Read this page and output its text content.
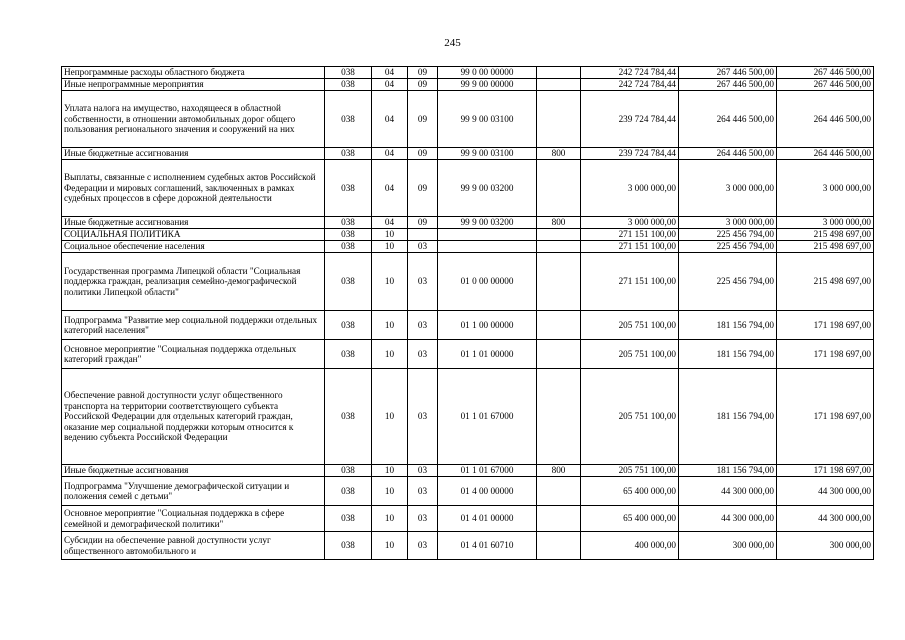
245
Непрограммные расходы областного бюджета	038	04	09	99 0 00 00000		242 724 784,44	267 446 500,00	267 446 500,00
Иные непрограммные мероприятия	038	04	09	99 9 00 00000		242 724 784,44	267 446 500,00	267 446 500,00
Уплата налога на имущество, находящееся в областной собственности, в отношении автомобильных дорог общего пользования регионального значения и сооружений на них	038	04	09	99 9 00 03100		239 724 784,44	264 446 500,00	264 446 500,00
Иные бюджетные ассигнования	038	04	09	99 9 00 03100	800	239 724 784,44	264 446 500,00	264 446 500,00
Выплаты, связанные с исполнением судебных актов Российской Федерации и мировых соглашений, заключенных в рамках судебных процессов в сфере дорожной деятельности	038	04	09	99 9 00 03200		3 000 000,00	3 000 000,00	3 000 000,00
Иные бюджетные ассигнования	038	04	09	99 9 00 03200	800	3 000 000,00	3 000 000,00	3 000 000,00
СОЦИАЛЬНАЯ ПОЛИТИКА	038	10				271 151 100,00	225 456 794,00	215 498 697,00
Социальное обеспечение населения	038	10	03			271 151 100,00	225 456 794,00	215 498 697,00
Государственная программа Липецкой области "Социальная поддержка граждан, реализация семейно-демографической политики Липецкой области"	038	10	03	01 0 00 00000		271 151 100,00	225 456 794,00	215 498 697,00
Подпрограмма "Развитие мер социальной поддержки отдельных категорий населения"	038	10	03	01 1 00 00000		205 751 100,00	181 156 794,00	171 198 697,00
Основное мероприятие "Социальная поддержка отдельных категорий граждан"	038	10	03	01 1 01 00000		205 751 100,00	181 156 794,00	171 198 697,00
Обеспечение равной доступности услуг общественного транспорта на территории соответствующего субъекта Российской Федерации для отдельных категорий граждан, оказание мер социальной поддержки которым относится к ведению субъекта Российской Федерации	038	10	03	01 1 01 67000		205 751 100,00	181 156 794,00	171 198 697,00
Иные бюджетные ассигнования	038	10	03	01 1 01 67000	800	205 751 100,00	181 156 794,00	171 198 697,00
Подпрограмма "Улучшение демографической ситуации и положения семей с детьми"	038	10	03	01 4 00 00000		65 400 000,00	44 300 000,00	44 300 000,00
Основное мероприятие "Социальная поддержка в сфере семейной и демографической политики"	038	10	03	01 4 01 00000		65 400 000,00	44 300 000,00	44 300 000,00
Субсидии на обеспечение равной доступности услуг общественного автомобильного и	038	10	03	01 4 01 60710		400 000,00	300 000,00	300 000,00
